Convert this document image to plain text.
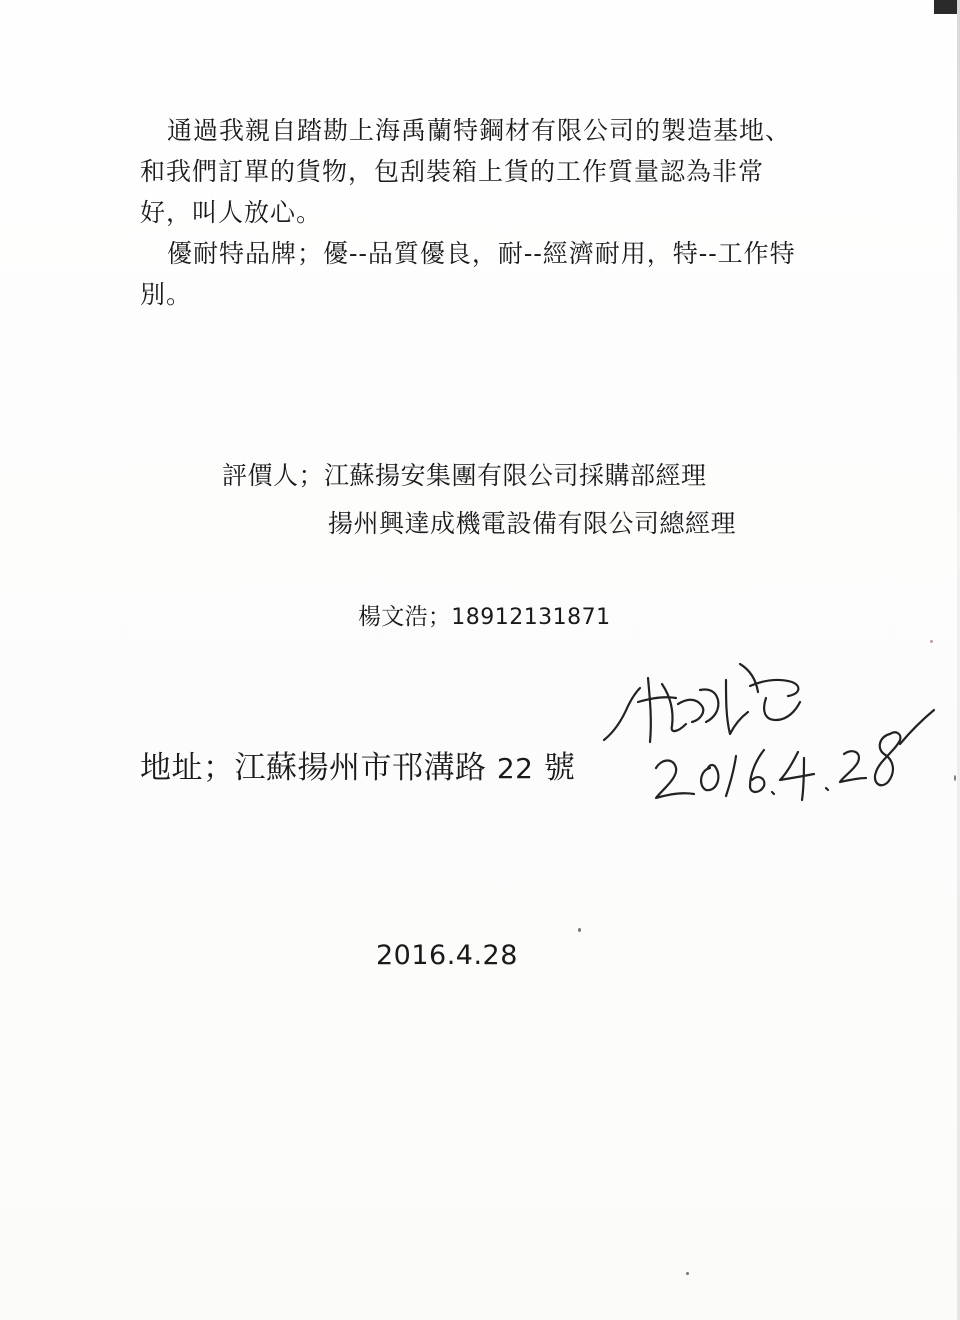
通過我親自踏勘上海禹蘭特鋼材有限公司的製造基地、和我們訂單的貨物，包刮裝箱上貨的工作質量認為非常好，叫人放心。

優耐特品牌；優--品質優良，耐--經濟耐用，特--工作特別。

評價人；江蘇揚安集團有限公司採購部經理
揚州興達成機電設備有限公司總經理
楊文浩；18912131871
地址；江蘇揚州市邗溝路 22 號
2016.4.28
